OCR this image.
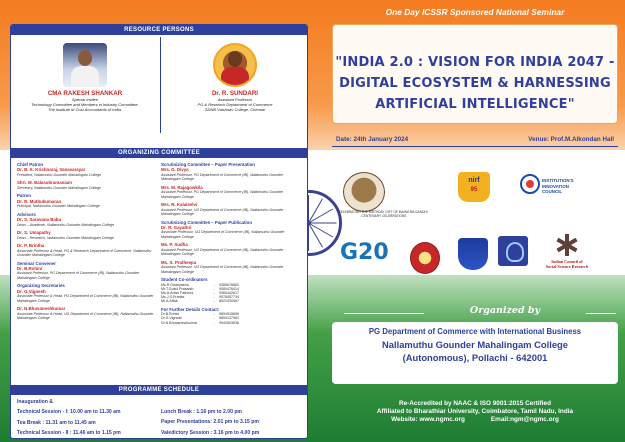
RESOURCE PERSONS
CMA RAKESH SHANKAR
Special Invitee
Technology Committee and Members in Industry Committee,
The Institute of Cost Accountants of India.
Dr. R. SUNDARI
Assistant Professor
PG & Research Department of Commerce
SDNB Vaishnav College, Chennai
ORGANIZING COMMITTEE
Chief Patron
Dr. B. K. Krishnaraj, Vanavarayar
President, Nallamuthu Gounder Mahalingam College
Shri. M. Balasubramaniam
Secretary, Nallamuthu Gounder Mahalingam College
Patron
Dr. R. Muthukumaran
Principal, Nallamuthu Gounder Mahalingam College
Advisors
Dr. S. Saravana Babu
Dean – Academic, Nallamuthu Gounder Mahalingam College
Dr. S. Umapathy
Dean – Research, Nallamuthu Gounder Mahalingam College
Dr. P. Brintha
Associate Professor & Head, PG & Research Department of Commerce, Nallamuthu Gounder Mahalingam College
Seminar Convener
Dr. B.Rohini
Assistant Professor, PG Department of Commerce (IB), Nallamuthu Gounder Mahalingam College
Organizing Secretaries
Dr. G.Vignesh
Associate Professor & Head, PG Department of Commerce (IB), Nallamuthu Gounder Mahalingam College
Dr. N.Bhuvaneshkumar
Associate Professor & Head, UG Department of Commerce (IB), Nallamuthu Gounder Mahalingam College
Scrutinizing Committee – Paper Presentation
Mrs. D. Divya
Assistant Professor, PG Department of Commerce (IB), Nallamuthu Gounder Mahalingam College
Mrs. M. Rajagowkila
Assistant Professor, PG Department of Commerce (IB), Nallamuthu Gounder Mahalingam College
Mrs. R. Kalaiselvi
Assistant Professor, UG Department of Commerce (IB), Nallamuthu Gounder Mahalingam College
Scrutinizing Committee – Paper Publication
Dr. R. Gayathri
Associate Professor, UG Department of Commerce (IB), Nallamuthu Gounder Mahalingam College
Ms. P. Sudha
Assistant Professor, UG Department of Commerce (IB), Nallamuthu Gounder Mahalingam College
Ms. S. Pratheepa
Assistant Professor, UG Department of Commerce (IB), Nallamuthu Gounder Mahalingam College
Student Co-ordinators
Ms.R.Dhanyasha	-	9385676862
Mr.T.Gokul Prasanth	-	9080476414
Ms.A.Anish Fathima	-	9360442617
Ms.J.S.Pranita	-	9578457734
Mr.A.Aftab	-	8921030567
For Further Details Contact:
Dr.B.Rohini	-	9894915659
Dr.G.Vignesh	-	9894137961
Dr.N.Bhuvaneshkumar	-	9942603536
PROGRAMME SCHEDULE
Inauguration &
Technical Session - I: 10.00 am to 11.30 am
Tea Break : 11.31 am to 11.45 am
Technical Session - II : 11.46 am to 1.15 pm
Lunch Break : 1.16 pm to 2.00 pm
Paper Presentations: 2.01 pm to 3.15 pm
Valedictory Session : 3.16 pm to 4.00 pm
One Day ICSSR Sponsored National Seminar
"INDIA 2.0 : VISION FOR INDIA 2047 -
DIGITAL ECOSYSTEM & HARNESSING
ARTIFICIAL INTELLIGENCE"
Date: 24th January 2024	Venue: Prof.M.Alkondan Hall
CELEBRATING THE BIRTHDAY GIFT OF MAHATMA GANDHI - CENTENARY CELEBRATIONS
nirf
95
INSTITUTION'S
INNOVATION
COUNCIL
G20	Indian Council of
Social Science Research
Organized by
PG Department of Commerce with International Business
Nallamuthu Gounder Mahalingam College
(Autonomous), Pollachi - 642001
Re-Accredited by NAAC & ISO 9001:2015 Certified
Affiliated to Bharathiar University, Coimbatore, Tamil Nadu, India
Website: www.ngmc.org	Email:ngm@ngmc.org
